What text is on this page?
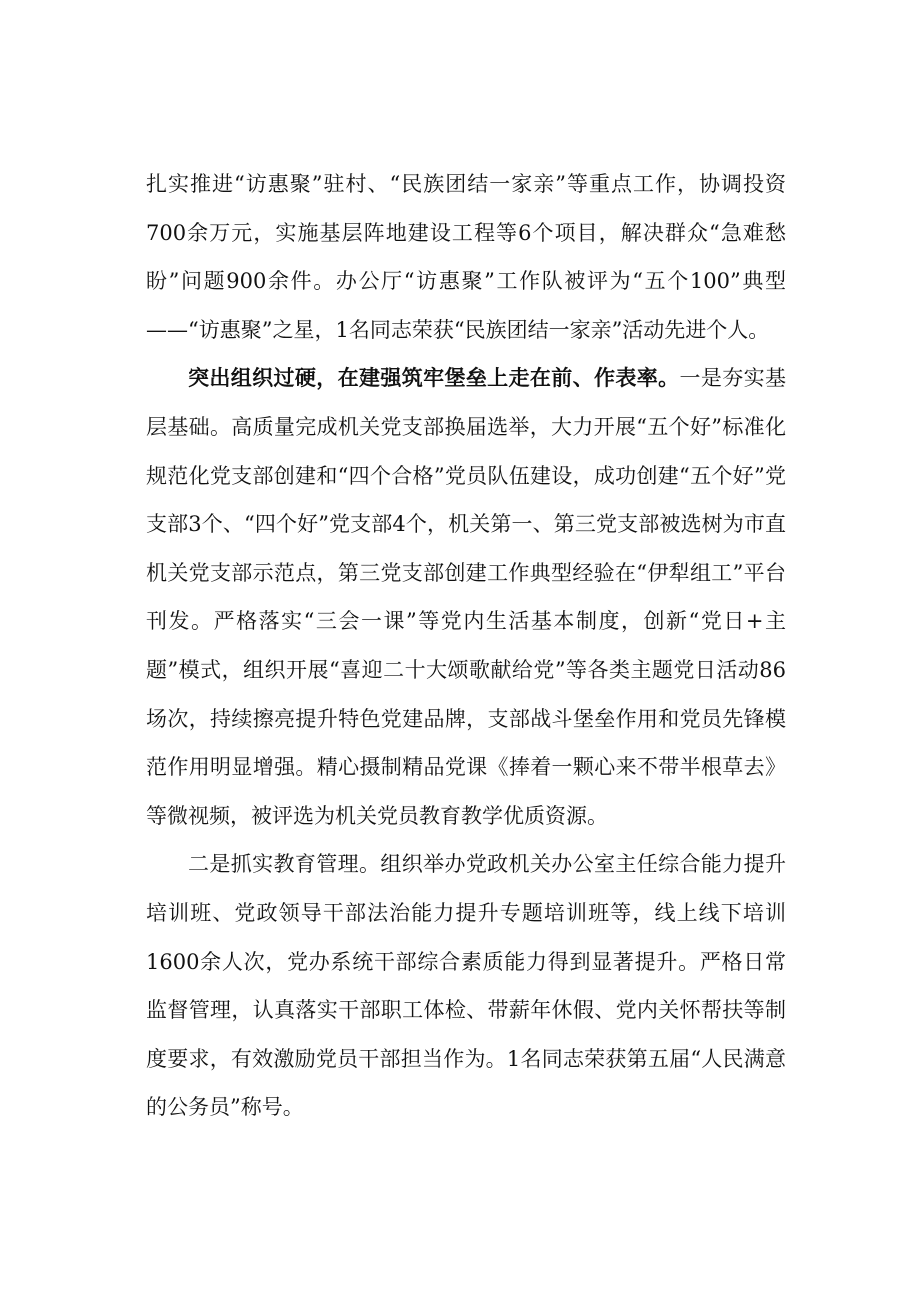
扎实推进“访惠聚”驻村、“民族团结一家亲”等重点工作，协调投资700余万元，实施基层阵地建设工程等6个项目，解决群众“急难愁盼”问题900余件。办公厅“访惠聚”工作队被评为“五个100”典型——“访惠聚”之星，1名同志荣获“民族团结一家亲”活动先进个人。

突出组织过硬，在建强筑牢堡垒上走在前、作表率。一是夯实基层基础。高质量完成机关党支部换届选举，大力开展“五个好”标准化规范化党支部创建和“四个合格”党员队伍建设，成功创建“五个好”党支部3个、“四个好”党支部4个，机关第一、第三党支部被选树为市直机关党支部示范点，第三党支部创建工作典型经验在“伊犁组工”平台刊发。严格落实“三会一课”等党内生活基本制度，创新“党日+主题”模式，组织开展“喜迎二十大颂歌献给党”等各类主题党日活动86场次，持续擦亮提升特色党建品牌，支部战斗堡垒作用和党员先锋模范作用明显增强。精心摄制精品党课《捧着一颗心来不带半根草去》等微视频，被评选为机关党员教育教学优质资源。

二是抓实教育管理。组织举办党政机关办公室主任综合能力提升培训班、党政领导干部法治能力提升专题培训班等，线上线下培训1600余人次，党办系统干部综合素质能力得到显著提升。严格日常监督管理，认真落实干部职工体检、带薪年休假、党内关怀帮扶等制度要求，有效激励党员干部担当作为。1名同志荣获第五届“人民满意的公务员”称号。
